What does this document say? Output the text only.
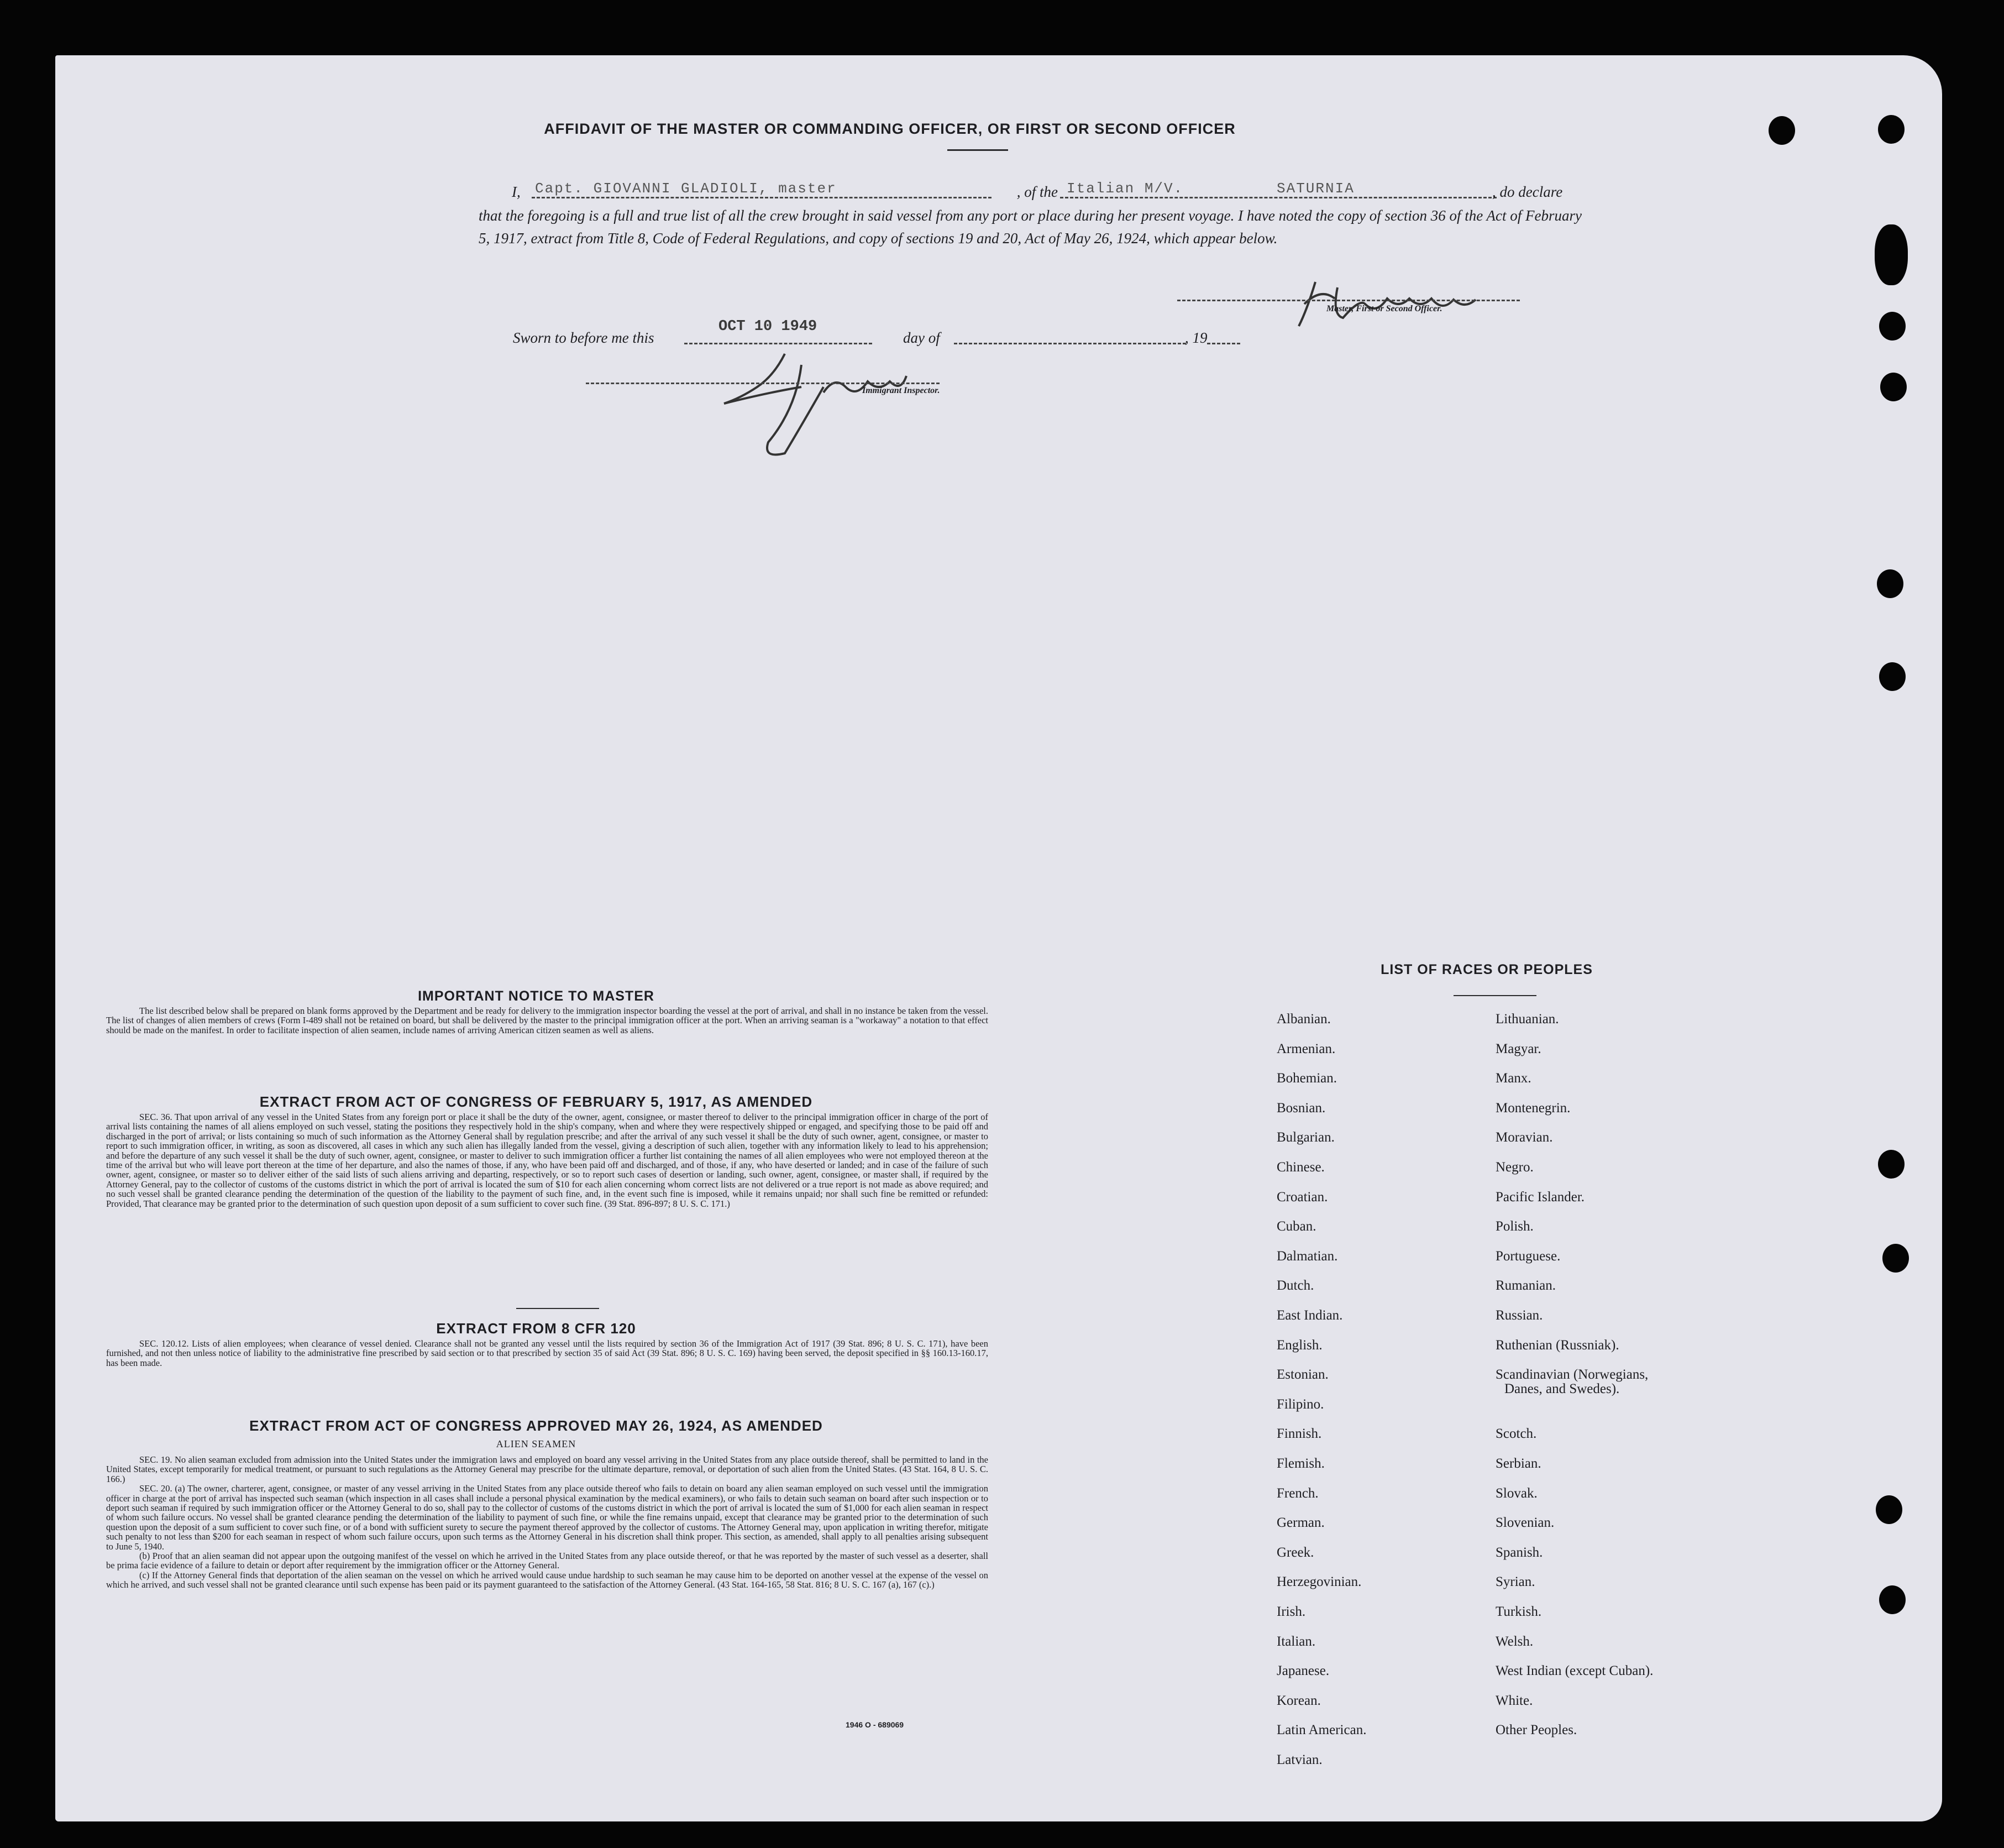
AFFIDAVIT OF THE MASTER OR COMMANDING OFFICER, OR FIRST OR SECOND OFFICER
I, Capt. GIOVANNI GLADIOLI, master	, of the Italian M/V.	SATURNIA	, do declare
that the foregoing is a full and true list of all the crew brought in said vessel from any port or place during her present voyage. I have noted the copy of section 36 of the Act of February 5, 1917, extract from Title 8, Code of Federal Regulations, and copy of sections 19 and 20, Act of May 26, 1924, which appear below.
Master, First or Second Officer.
Sworn to before me this
OCT 10 1949
day of	, 19
Immigrant Inspector.
IMPORTANT NOTICE TO MASTER

The list described below shall be prepared on blank forms approved by the Department and be ready for delivery to the immigration inspector boarding the vessel at the port of arrival, and shall in no instance be taken from the vessel. The list of changes of alien members of crews (Form I-489 shall not be retained on board, but shall be delivered by the master to the principal immigration officer at the port. When an arriving seaman is a "workaway" a notation to that effect should be made on the manifest. In order to facilitate inspection of alien seamen, include names of arriving American citizen seamen as well as aliens.

EXTRACT FROM ACT OF CONGRESS OF FEBRUARY 5, 1917, AS AMENDED

SEC. 36. That upon arrival of any vessel in the United States from any foreign port or place it shall be the duty of the owner, agent, consignee, or master thereof to deliver to the principal immigration officer in charge of the port of arrival lists containing the names of all aliens employed on such vessel, stating the positions they respectively hold in the ship's company, when and where they were respectively shipped or engaged, and specifying those to be paid off and discharged in the port of arrival; or lists containing so much of such information as the Attorney General shall by regulation prescribe; and after the arrival of any such vessel it shall be the duty of such owner, agent, consignee, or master to report to such immigration officer, in writing, as soon as discovered, all cases in which any such alien has illegally landed from the vessel, giving a description of such alien, together with any information likely to lead to his apprehension; and before the departure of any such vessel it shall be the duty of such owner, agent, consignee, or master to deliver to such immigration officer a further list containing the names of all alien employees who were not employed thereon at the time of the arrival but who will leave port thereon at the time of her departure, and also the names of those, if any, who have been paid off and discharged, and of those, if any, who have deserted or landed; and in case of the failure of such owner, agent, consignee, or master so to deliver either of the said lists of such aliens arriving and departing, respectively, or so to report such cases of desertion or landing, such owner, agent, consignee, or master shall, if required by the Attorney General, pay to the collector of customs of the customs district in which the port of arrival is located the sum of $10 for each alien concerning whom correct lists are not delivered or a true report is not made as above required; and no such vessel shall be granted clearance pending the determination of the question of the liability to the payment of such fine, and, in the event such fine is imposed, while it remains unpaid; nor shall such fine be remitted or refunded: Provided, That clearance may be granted prior to the determination of such question upon deposit of a sum sufficient to cover such fine. (39 Stat. 896-897; 8 U. S. C. 171.)

EXTRACT FROM 8 CFR 120

SEC. 120.12. Lists of alien employees; when clearance of vessel denied. Clearance shall not be granted any vessel until the lists required by section 36 of the Immigration Act of 1917 (39 Stat. 896; 8 U. S. C. 171), have been furnished, and not then unless notice of liability to the administrative fine prescribed by said section or to that prescribed by section 35 of said Act (39 Stat. 896; 8 U. S. C. 169) having been served, the deposit specified in §§ 160.13-160.17, has been made.

EXTRACT FROM ACT OF CONGRESS APPROVED MAY 26, 1924, AS AMENDED
ALIEN SEAMEN

SEC. 19. No alien seaman excluded from admission into the United States under the immigration laws and employed on board any vessel arriving in the United States from any place outside thereof, shall be permitted to land in the United States, except temporarily for medical treatment, or pursuant to such regulations as the Attorney General may prescribe for the ultimate departure, removal, or deportation of such alien from the United States. (43 Stat. 164, 8 U. S. C. 166.)

SEC. 20. (a) The owner, charterer, agent, consignee, or master of any vessel arriving in the United States from any place outside thereof who fails to detain on board any alien seaman employed on such vessel until the immigration officer in charge at the port of arrival has inspected such seaman (which inspection in all cases shall include a personal physical examination by the medical examiners), or who fails to detain such seaman on board after such inspection or to deport such seaman if required by such immigration officer or the Attorney General to do so, shall pay to the collector of customs of the customs district in which the port of arrival is located the sum of $1,000 for each alien seaman in respect of whom such failure occurs. No vessel shall be granted clearance pending the determination of the liability to payment of such fine, or while the fine remains unpaid, except that clearance may be granted prior to the determination of such question upon the deposit of a sum sufficient to cover such fine, or of a bond with sufficient surety to secure the payment thereof approved by the collector of customs. The Attorney General may, upon application in writing therefor, mitigate such penalty to not less than $200 for each seaman in respect of whom such failure occurs, upon such terms as the Attorney General in his discretion shall think proper. This section, as amended, shall apply to all penalties arising subsequent to June 5, 1940.

(b) Proof that an alien seaman did not appear upon the outgoing manifest of the vessel on which he arrived in the United States from any place outside thereof, or that he was reported by the master of such vessel as a deserter, shall be prima facie evidence of a failure to detain or deport after requirement by the immigration officer or the Attorney General.

(c) If the Attorney General finds that deportation of the alien seaman on the vessel on which he arrived would cause undue hardship to such seaman he may cause him to be deported on another vessel at the expense of the vessel on which he arrived, and such vessel shall not be granted clearance until such expense has been paid or its payment guaranteed to the satisfaction of the Attorney General. (43 Stat. 164-165, 58 Stat. 816; 8 U. S. C. 167 (a), 167 (c).)

1946 O - 689069
LIST OF RACES OR PEOPLES
Albanian.
Armenian.
Bohemian.
Bosnian.
Bulgarian.
Chinese.
Croatian.
Cuban.
Dalmatian.
Dutch.
East Indian.
English.
Estonian.
Filipino.
Finnish.
Flemish.
French.
German.
Greek.
Herzegovinian.
Irish.
Italian.
Japanese.
Korean.
Latin American.
Latvian.
Lithuanian.
Magyar.
Manx.
Montenegrin.
Moravian.
Negro.
Pacific Islander.
Polish.
Portuguese.
Rumanian.
Russian.
Ruthenian (Russniak).
Scandinavian (Norwegians,
Danes, and Swedes).
Scotch.
Serbian.
Slovak.
Slovenian.
Spanish.
Syrian.
Turkish.
Welsh.
West Indian (except Cuban).
White.
Other Peoples.
